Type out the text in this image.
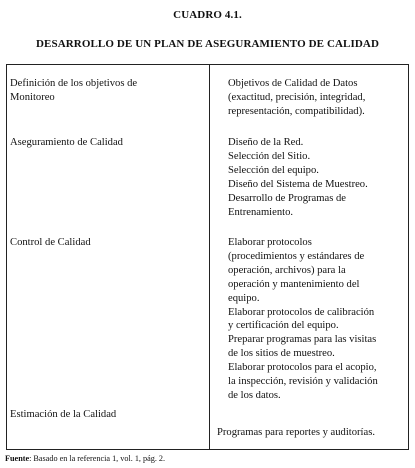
CUADRO 4.1.
DESARROLLO DE UN PLAN DE ASEGURAMIENTO DE CALIDAD
Definición de los objetivos de
Monitoreo
Objetivos de Calidad de Datos
(exactitud, precisión, integridad,
representación, compatibilidad).
Aseguramiento de Calidad	Diseño de la Red.
Selección del Sitio.
Selección del equipo.
Diseño del Sistema de Muestreo.
Desarrollo de Programas de
Entrenamiento.
Control de Calidad	Elaborar protocolos
(procedimientos y estándares de
operación, archivos) para la
operación y mantenimiento del
equipo.
Elaborar protocolos de calibración
y certificación del equipo.
Preparar programas para las visitas
de los sitios de muestreo.
Elaborar protocolos para el acopio,
la inspección, revisión y validación
de los datos.
Estimación de la Calidad
Programas para reportes y auditorías.
Fuente: Basado en la referencia 1, vol. 1, pág. 2.
